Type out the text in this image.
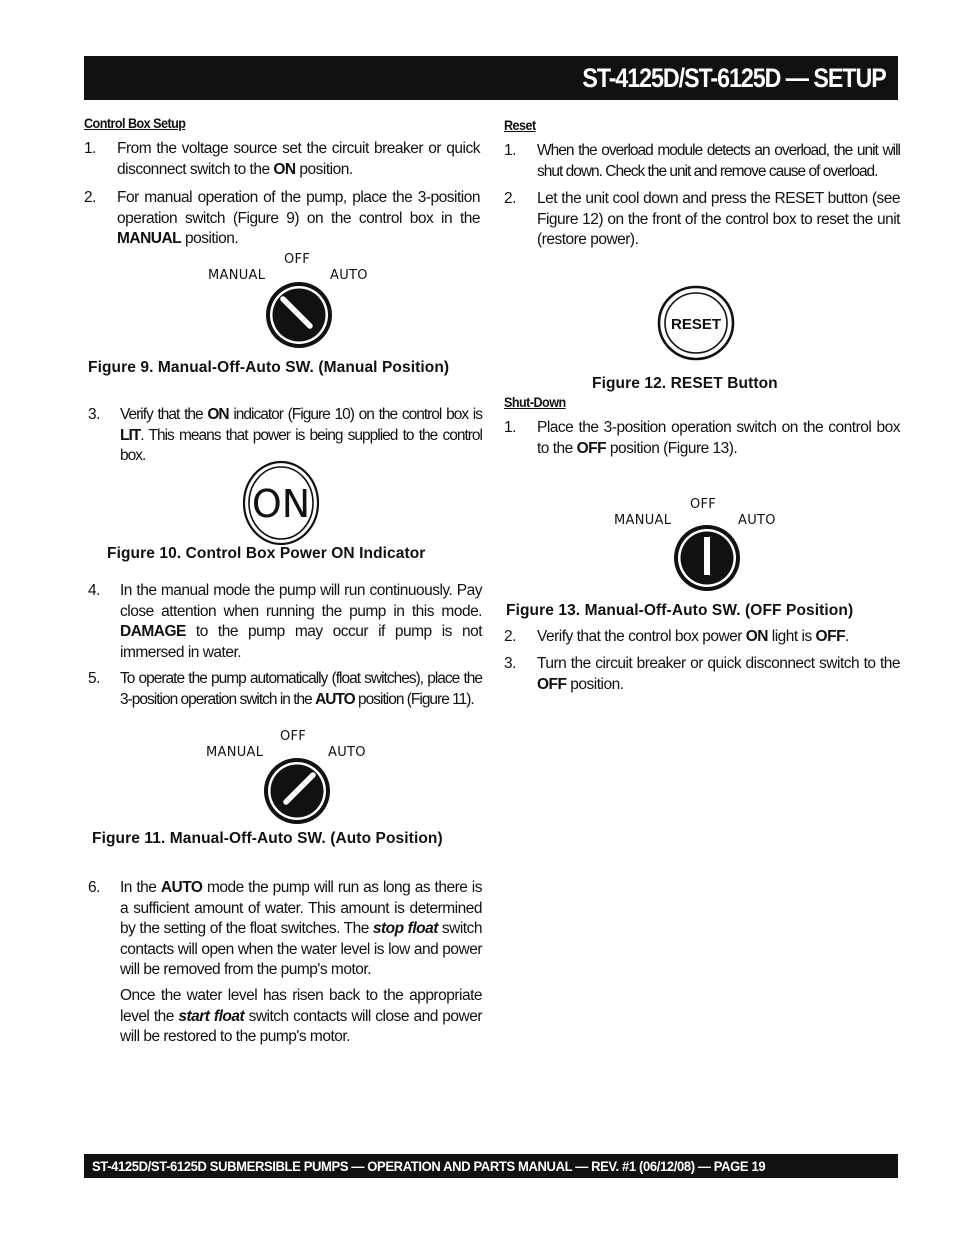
ST-4125D/ST-6125D — SETUP
Control Box Setup
1. From the voltage source set the circuit breaker or quick disconnect switch to the ON position.
2. For manual operation of the pump, place the 3-position operation switch (Figure 9) on the control box in the MANUAL position.
OFF
MANUAL	AUTO
Figure 9. Manual-Off-Auto SW. (Manual Position)
3. Verify that the ON indicator (Figure 10) on the control box is LIT. This means that power is being supplied to the control box.
ON
Figure 10. Control Box Power ON Indicator
4. In the manual mode the pump will run continuously. Pay close attention when running the pump in this mode. DAMAGE to the pump may occur if pump is not immersed in water.
5. To operate the pump automatically (float switches), place the 3-position operation switch in the AUTO position (Figure 11).
OFF
MANUAL	AUTO
Figure 11. Manual-Off-Auto SW. (Auto Position)
6. In the AUTO mode the pump will run as long as there is a sufficient amount of water. This amount is determined by the setting of the float switches. The stop float switch contacts will open when the water level is low and power will be removed from the pump's motor.
Once the water level has risen back to the appropriate level the start float switch contacts will close and power will be restored to the pump's motor.
Reset
1. When the overload module detects an overload, the unit will shut down. Check the unit and remove cause of overload.
2. Let the unit cool down and press the RESET button (see Figure 12) on the front of the control box to reset the unit (restore power).
RESET
Figure 12. RESET Button
Shut-Down
1. Place the 3-position operation switch on the control box to the OFF position (Figure 13).
OFF
MANUAL	AUTO
Figure 13. Manual-Off-Auto SW. (OFF Position)
2. Verify that the control box power ON light is OFF.
3. Turn the circuit breaker or quick disconnect switch to the OFF position.
ST-4125D/ST-6125D SUBMERSIBLE PUMPS — OPERATION AND PARTS MANUAL — REV. #1 (06/12/08) — PAGE 19
